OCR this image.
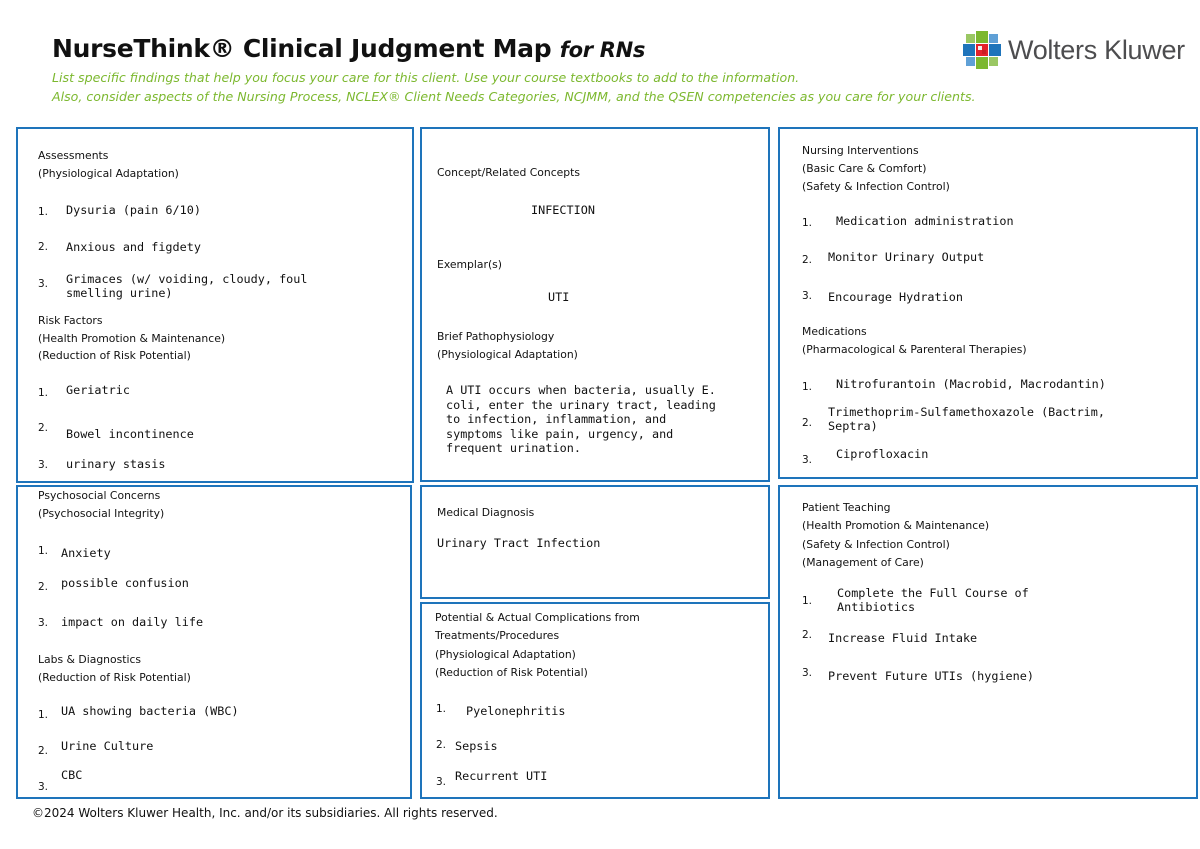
NurseThink® Clinical Judgment Map for RNs
List specific findings that help you focus your care for this client. Use your course textbooks to add to the information.
Also, consider aspects of the Nursing Process, NCLEX® Client Needs Categories, NCJMM, and the QSEN competencies as you care for your clients.
Wolters Kluwer
Assessments
(Physiological Adaptation)
1. Dysuria (pain 6/10)
2. Anxious and figdety
3. Grimaces (w/ voiding, cloudy, foul
smelling urine)
Risk Factors
(Health Promotion & Maintenance)
(Reduction of Risk Potential)
1. Geriatric
2. Bowel incontinence
3. urinary stasis
Concept/Related Concepts
INFECTION
Exemplar(s)
UTI
Brief Pathophysiology
(Physiological Adaptation)
A UTI occurs when bacteria, usually E.
coli, enter the urinary tract, leading
to infection, inflammation, and
symptoms like pain, urgency, and
frequent urination.
Nursing Interventions
(Basic Care & Comfort)
(Safety & Infection Control)
1. Medication administration
2. Monitor Urinary Output
3. Encourage Hydration
Medications
(Pharmacological & Parenteral Therapies)
1. Nitrofurantoin (Macrobid, Macrodantin)
2.
Trimethoprim-Sulfamethoxazole (Bactrim,
Septra)
3. Ciprofloxacin
Psychosocial Concerns
(Psychosocial Integrity)
1. Anxiety
2. possible confusion
3. impact on daily life
Labs & Diagnostics
(Reduction of Risk Potential)
1. UA showing bacteria (WBC)
2. Urine Culture
3.
CBC
Medical Diagnosis
Urinary Tract Infection
Potential & Actual Complications from
Treatments/Procedures
(Physiological Adaptation)
(Reduction of Risk Potential)
1. Pyelonephritis
2. Sepsis
3. Recurrent UTI
Patient Teaching
(Health Promotion & Maintenance)
(Safety & Infection Control)
(Management of Care)
1.
Complete the Full Course of
Antibiotics
2. Increase Fluid Intake
3. Prevent Future UTIs (hygiene)
©2024 Wolters Kluwer Health, Inc. and/or its subsidiaries. All rights reserved.
